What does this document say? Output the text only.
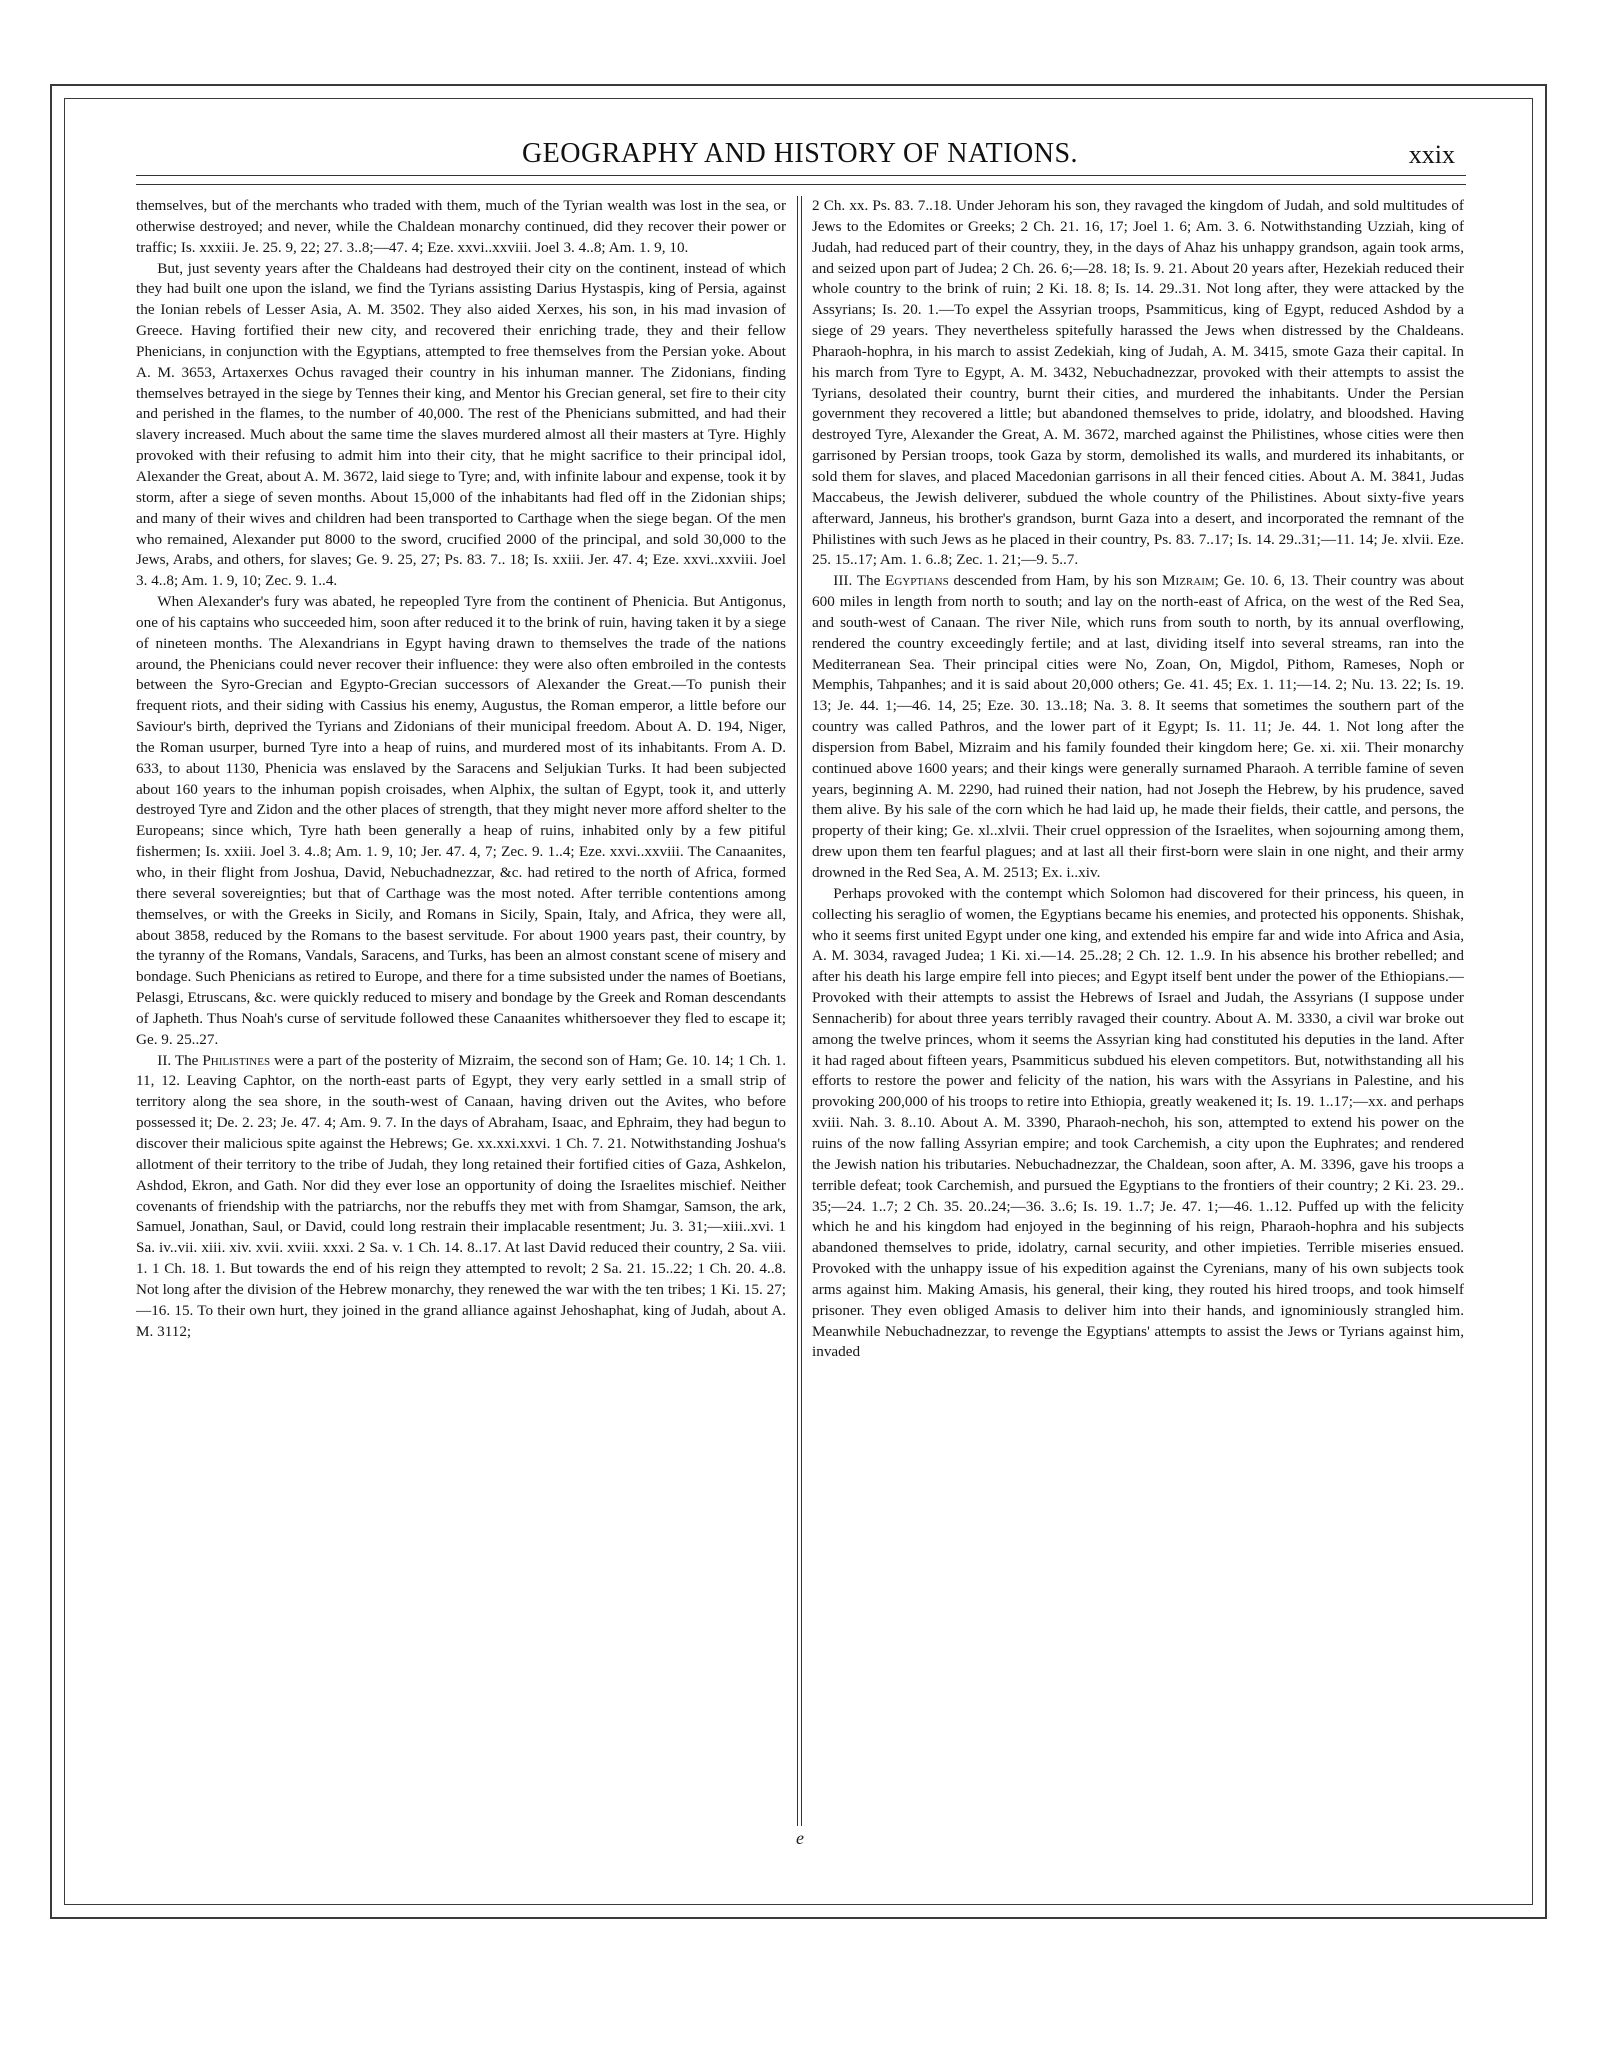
GEOGRAPHY AND HISTORY OF NATIONS.	xxix

themselves, but of the merchants who traded with them, much of the Tyrian wealth was lost in the sea, or otherwise destroyed; and never, while the Chaldean monarchy continued, did they recover their power or traffic; Is. xxxiii. Je. 25. 9, 22; 27. 3..8;—47. 4; Eze. xxvi..xxviii. Joel 3. 4..8; Am. 1. 9, 10.

But, just seventy years after the Chaldeans had destroyed their city on the continent, instead of which they had built one upon the island, we find the Tyrians assisting Darius Hystaspis, king of Persia, against the Ionian rebels of Lesser Asia, A. M. 3502. They also aided Xerxes, his son, in his mad invasion of Greece. Having fortified their new city, and recovered their enriching trade, they and their fellow Phenicians, in conjunction with the Egyptians, attempted to free themselves from the Persian yoke. About A. M. 3653, Artaxerxes Ochus ravaged their country in his inhuman manner. The Zidonians, finding themselves betrayed in the siege by Tennes their king, and Mentor his Grecian general, set fire to their city and perished in the flames, to the number of 40,000. The rest of the Phenicians submitted, and had their slavery increased. Much about the same time the slaves murdered almost all their masters at Tyre. Highly provoked with their refusing to admit him into their city, that he might sacrifice to their principal idol, Alexander the Great, about A. M. 3672, laid siege to Tyre; and, with infinite labour and expense, took it by storm, after a siege of seven months. About 15,000 of the inhabitants had fled off in the Zidonian ships; and many of their wives and children had been transported to Carthage when the siege began. Of the men who remained, Alexander put 8000 to the sword, crucified 2000 of the principal, and sold 30,000 to the Jews, Arabs, and others, for slaves; Ge. 9. 25, 27; Ps. 83. 7.. 18; Is. xxiii. Jer. 47. 4; Eze. xxvi..xxviii. Joel 3. 4..8; Am. 1. 9, 10; Zec. 9. 1..4.

When Alexander's fury was abated, he repeopled Tyre from the continent of Phenicia. But Antigonus, one of his captains who succeeded him, soon after reduced it to the brink of ruin, having taken it by a siege of nineteen months. The Alexandrians in Egypt having drawn to themselves the trade of the nations around, the Phenicians could never recover their influence: they were also often embroiled in the contests between the Syro-Grecian and Egypto-Grecian successors of Alexander the Great.—To punish their frequent riots, and their siding with Cassius his enemy, Augustus, the Roman emperor, a little before our Saviour's birth, deprived the Tyrians and Zidonians of their municipal freedom. About A. D. 194, Niger, the Roman usurper, burned Tyre into a heap of ruins, and murdered most of its inhabitants. From A. D. 633, to about 1130, Phenicia was enslaved by the Saracens and Seljukian Turks. It had been subjected about 160 years to the inhuman popish croisades, when Alphix, the sultan of Egypt, took it, and utterly destroyed Tyre and Zidon and the other places of strength, that they might never more afford shelter to the Europeans; since which, Tyre hath been generally a heap of ruins, inhabited only by a few pitiful fishermen; Is. xxiii. Joel 3. 4..8; Am. 1. 9, 10; Jer. 47. 4, 7; Zec. 9. 1..4; Eze. xxvi..xxviii. The Canaanites, who, in their flight from Joshua, David, Nebuchadnezzar, &c. had retired to the north of Africa, formed there several sovereignties; but that of Carthage was the most noted. After terrible contentions among themselves, or with the Greeks in Sicily, and Romans in Sicily, Spain, Italy, and Africa, they were all, about 3858, reduced by the Romans to the basest servitude. For about 1900 years past, their country, by the tyranny of the Romans, Vandals, Saracens, and Turks, has been an almost constant scene of misery and bondage. Such Phenicians as retired to Europe, and there for a time subsisted under the names of Boetians, Pelasgi, Etruscans, &c. were quickly reduced to misery and bondage by the Greek and Roman descendants of Japheth. Thus Noah's curse of servitude followed these Canaanites whithersoever they fled to escape it; Ge. 9. 25..27.

II. The Philistines were a part of the posterity of Mizraim, the second son of Ham; Ge. 10. 14; 1 Ch. 1. 11, 12. Leaving Caphtor, on the north-east parts of Egypt, they very early settled in a small strip of territory along the sea shore, in the south-west of Canaan, having driven out the Avites, who before possessed it; De. 2. 23; Je. 47. 4; Am. 9. 7. In the days of Abraham, Isaac, and Ephraim, they had begun to discover their malicious spite against the Hebrews; Ge. xx.xxi.xxvi. 1 Ch. 7. 21. Notwithstanding Joshua's allotment of their territory to the tribe of Judah, they long retained their fortified cities of Gaza, Ashkelon, Ashdod, Ekron, and Gath. Nor did they ever lose an opportunity of doing the Israelites mischief. Neither covenants of friendship with the patriarchs, nor the rebuffs they met with from Shamgar, Samson, the ark, Samuel, Jonathan, Saul, or David, could long restrain their implacable resentment; Ju. 3. 31;—xiii..xvi. 1 Sa. iv..vii. xiii. xiv. xvii. xviii. xxxi. 2 Sa. v. 1 Ch. 14. 8..17. At last David reduced their country, 2 Sa. viii. 1. 1 Ch. 18. 1. But towards the end of his reign they attempted to revolt; 2 Sa. 21. 15..22; 1 Ch. 20. 4..8. Not long after the division of the Hebrew monarchy, they renewed the war with the ten tribes; 1 Ki. 15. 27;—16. 15. To their own hurt, they joined in the grand alliance against Jehoshaphat, king of Judah, about A. M. 3112;

2 Ch. xx. Ps. 83. 7..18. Under Jehoram his son, they ravaged the kingdom of Judah, and sold multitudes of Jews to the Edomites or Greeks; 2 Ch. 21. 16, 17; Joel 1. 6; Am. 3. 6. Notwithstanding Uzziah, king of Judah, had reduced part of their country, they, in the days of Ahaz his unhappy grandson, again took arms, and seized upon part of Judea; 2 Ch. 26. 6;—28. 18; Is. 9. 21. About 20 years after, Hezekiah reduced their whole country to the brink of ruin; 2 Ki. 18. 8; Is. 14. 29..31. Not long after, they were attacked by the Assyrians; Is. 20. 1.—To expel the Assyrian troops, Psammiticus, king of Egypt, reduced Ashdod by a siege of 29 years. They nevertheless spitefully harassed the Jews when distressed by the Chaldeans. Pharaoh-hophra, in his march to assist Zedekiah, king of Judah, A. M. 3415, smote Gaza their capital. In his march from Tyre to Egypt, A. M. 3432, Nebuchadnezzar, provoked with their attempts to assist the Tyrians, desolated their country, burnt their cities, and murdered the inhabitants. Under the Persian government they recovered a little; but abandoned themselves to pride, idolatry, and bloodshed. Having destroyed Tyre, Alexander the Great, A. M. 3672, marched against the Philistines, whose cities were then garrisoned by Persian troops, took Gaza by storm, demolished its walls, and murdered its inhabitants, or sold them for slaves, and placed Macedonian garrisons in all their fenced cities. About A. M. 3841, Judas Maccabeus, the Jewish deliverer, subdued the whole country of the Philistines. About sixty-five years afterward, Janneus, his brother's grandson, burnt Gaza into a desert, and incorporated the remnant of the Philistines with such Jews as he placed in their country, Ps. 83. 7..17; Is. 14. 29..31;—11. 14; Je. xlvii. Eze. 25. 15..17; Am. 1. 6..8; Zec. 1. 21;—9. 5..7.

III. The Egyptians descended from Ham, by his son Mizraim; Ge. 10. 6, 13. Their country was about 600 miles in length from north to south; and lay on the north-east of Africa, on the west of the Red Sea, and south-west of Canaan. The river Nile, which runs from south to north, by its annual overflowing, rendered the country exceedingly fertile; and at last, dividing itself into several streams, ran into the Mediterranean Sea. Their principal cities were No, Zoan, On, Migdol, Pithom, Rameses, Noph or Memphis, Tahpanhes; and it is said about 20,000 others; Ge. 41. 45; Ex. 1. 11;—14. 2; Nu. 13. 22; Is. 19. 13; Je. 44. 1;—46. 14, 25; Eze. 30. 13..18; Na. 3. 8. It seems that sometimes the southern part of the country was called Pathros, and the lower part of it Egypt; Is. 11. 11; Je. 44. 1. Not long after the dispersion from Babel, Mizraim and his family founded their kingdom here; Ge. xi. xii. Their monarchy continued above 1600 years; and their kings were generally surnamed Pharaoh. A terrible famine of seven years, beginning A. M. 2290, had ruined their nation, had not Joseph the Hebrew, by his prudence, saved them alive. By his sale of the corn which he had laid up, he made their fields, their cattle, and persons, the property of their king; Ge. xl..xlvii. Their cruel oppression of the Israelites, when sojourning among them, drew upon them ten fearful plagues; and at last all their first-born were slain in one night, and their army drowned in the Red Sea, A. M. 2513; Ex. i..xiv.

Perhaps provoked with the contempt which Solomon had discovered for their princess, his queen, in collecting his seraglio of women, the Egyptians became his enemies, and protected his opponents. Shishak, who it seems first united Egypt under one king, and extended his empire far and wide into Africa and Asia, A. M. 3034, ravaged Judea; 1 Ki. xi.—14. 25..28; 2 Ch. 12. 1..9. In his absence his brother rebelled; and after his death his large empire fell into pieces; and Egypt itself bent under the power of the Ethiopians.—Provoked with their attempts to assist the Hebrews of Israel and Judah, the Assyrians (I suppose under Sennacherib) for about three years terribly ravaged their country. About A. M. 3330, a civil war broke out among the twelve princes, whom it seems the Assyrian king had constituted his deputies in the land. After it had raged about fifteen years, Psammiticus subdued his eleven competitors. But, notwithstanding all his efforts to restore the power and felicity of the nation, his wars with the Assyrians in Palestine, and his provoking 200,000 of his troops to retire into Ethiopia, greatly weakened it; Is. 19. 1..17;—xx. and perhaps xviii. Nah. 3. 8..10. About A. M. 3390, Pharaoh-nechoh, his son, attempted to extend his power on the ruins of the now falling Assyrian empire; and took Carchemish, a city upon the Euphrates; and rendered the Jewish nation his tributaries. Nebuchadnezzar, the Chaldean, soon after, A. M. 3396, gave his troops a terrible defeat; took Carchemish, and pursued the Egyptians to the frontiers of their country; 2 Ki. 23. 29.. 35;—24. 1..7; 2 Ch. 35. 20..24;—36. 3..6; Is. 19. 1..7; Je. 47. 1;—46. 1..12. Puffed up with the felicity which he and his kingdom had enjoyed in the beginning of his reign, Pharaoh-hophra and his subjects abandoned themselves to pride, idolatry, carnal security, and other impieties. Terrible miseries ensued. Provoked with the unhappy issue of his expedition against the Cyrenians, many of his own subjects took arms against him. Making Amasis, his general, their king, they routed his hired troops, and took himself prisoner. They even obliged Amasis to deliver him into their hands, and ignominiously strangled him. Meanwhile Nebuchadnezzar, to revenge the Egyptians' attempts to assist the Jews or Tyrians against him, invaded

e
